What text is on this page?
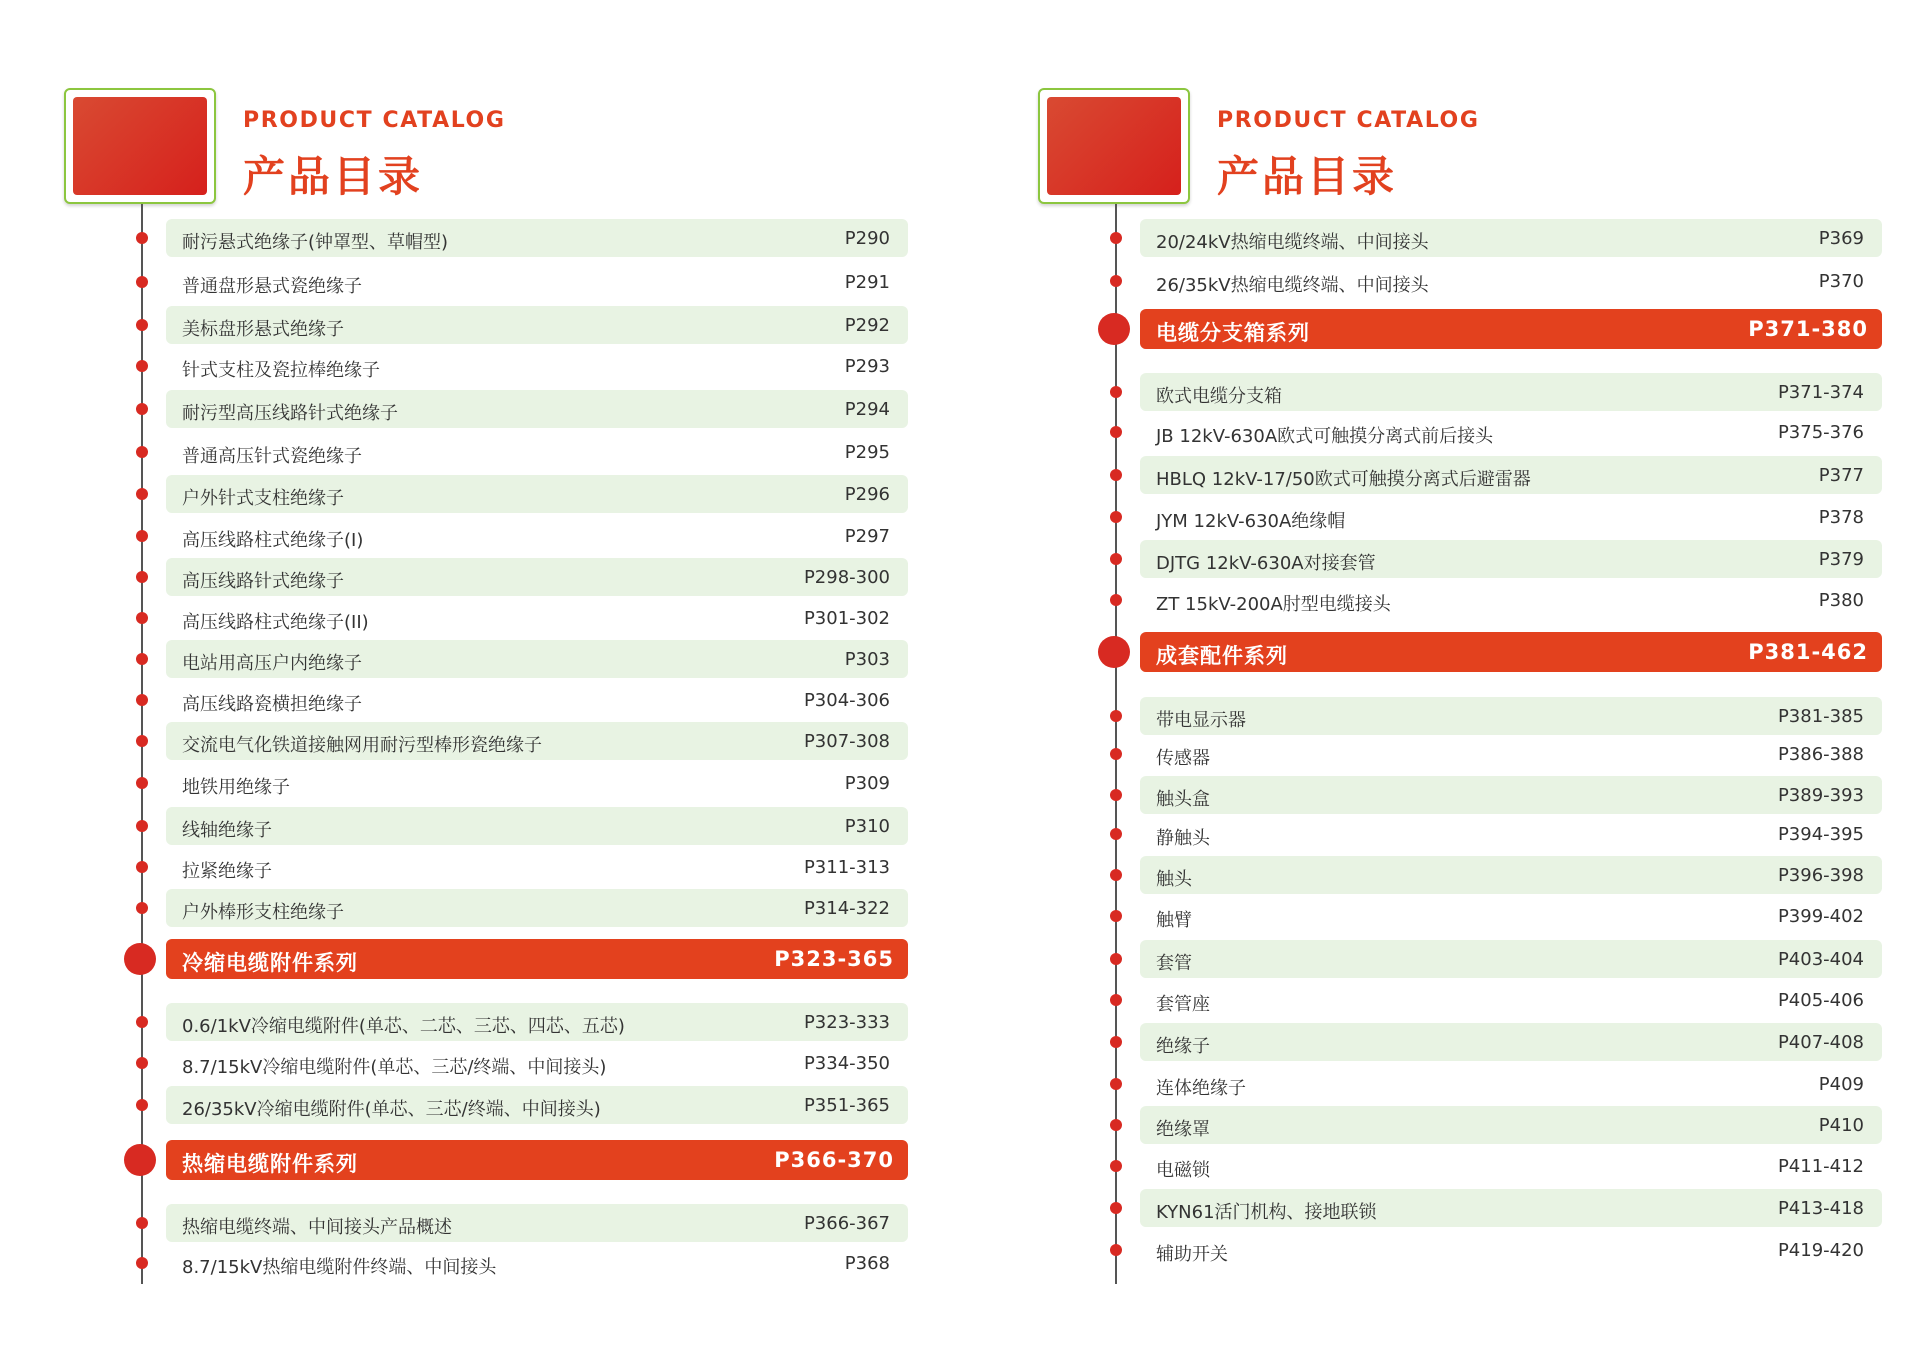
PRODUCT CATALOG
产品目录
耐污悬式绝缘子(钟罩型、草帽型)	P290
普通盘形悬式瓷绝缘子	P291
美标盘形悬式绝缘子	P292
针式支柱及瓷拉棒绝缘子	P293
耐污型高压线路针式绝缘子	P294
普通高压针式瓷绝缘子	P295
户外针式支柱绝缘子	P296
高压线路柱式绝缘子(I)	P297
高压线路针式绝缘子	P298-300
高压线路柱式绝缘子(II)	P301-302
电站用高压户内绝缘子	P303
高压线路瓷横担绝缘子	P304-306
交流电气化铁道接触网用耐污型棒形瓷绝缘子	P307-308
地铁用绝缘子	P309
线轴绝缘子	P310
拉紧绝缘子	P311-313
户外棒形支柱绝缘子	P314-322
冷缩电缆附件系列	P323-365
0.6/1kV冷缩电缆附件(单芯、二芯、三芯、四芯、五芯)	P323-333
8.7/15kV冷缩电缆附件(单芯、三芯/终端、中间接头)	P334-350
26/35kV冷缩电缆附件(单芯、三芯/终端、中间接头)	P351-365
热缩电缆附件系列	P366-370
热缩电缆终端、中间接头产品概述	P366-367
8.7/15kV热缩电缆附件终端、中间接头	P368
PRODUCT CATALOG
产品目录
20/24kV热缩电缆终端、中间接头	P369
26/35kV热缩电缆终端、中间接头	P370
电缆分支箱系列	P371-380
欧式电缆分支箱	P371-374
JB 12kV-630A欧式可触摸分离式前后接头	P375-376
HBLQ 12kV-17/50欧式可触摸分离式后避雷器	P377
JYM 12kV-630A绝缘帽	P378
DJTG 12kV-630A对接套管	P379
ZT 15kV-200A肘型电缆接头	P380
成套配件系列	P381-462
带电显示器	P381-385
传感器	P386-388
触头盒	P389-393
静触头	P394-395
触头	P396-398
触臂	P399-402
套管	P403-404
套管座	P405-406
绝缘子	P407-408
连体绝缘子	P409
绝缘罩	P410
电磁锁	P411-412
KYN61活门机构、接地联锁	P413-418
辅助开关	P419-420
